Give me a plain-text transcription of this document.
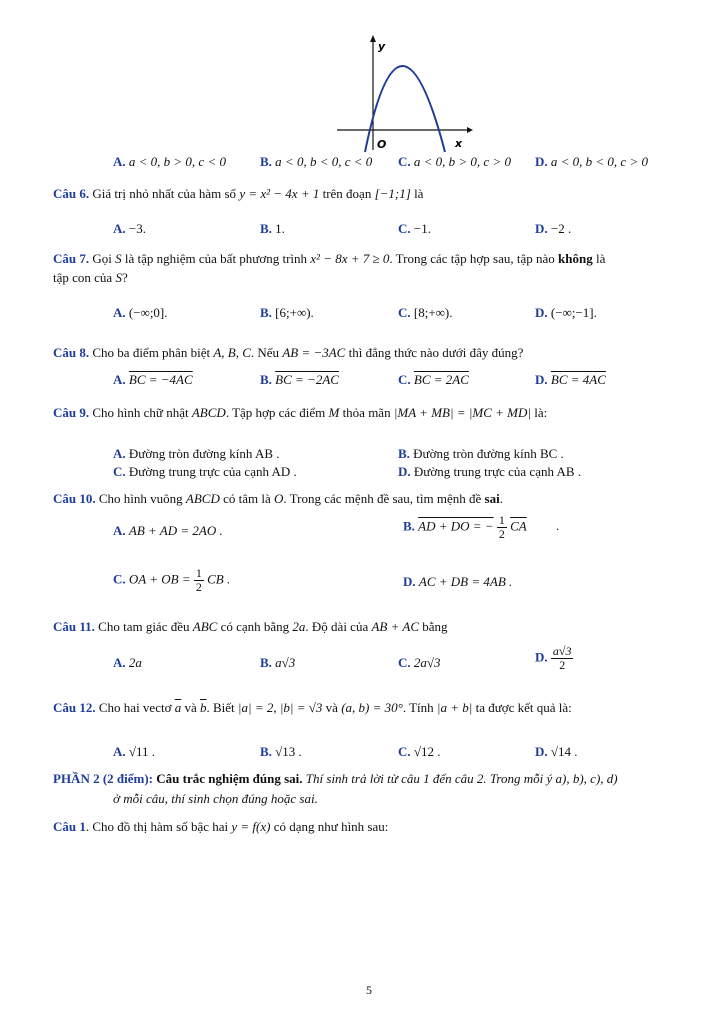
y
x
O
A. a < 0, b > 0, c < 0	B. a < 0, b < 0, c < 0 C. a < 0, b > 0, c > 0 D. a < 0, b < 0, c > 0
Câu 6. Giá trị nhỏ nhất của hàm số y = x² − 4x + 1 trên đoạn [−1;1] là
A. −3.	B. 1.	C. −1.	D. −2 .
Câu 7. Gọi S là tập nghiệm của bất phương trình x² − 8x + 7 ≥ 0. Trong các tập hợp sau, tập nào không là
tập con của S?
A. (−∞;0].	B. [6;+∞).	C. [8;+∞).	D. (−∞;−1].
Câu 8. Cho ba điểm phân biệt A, B, C. Nếu AB = −3AC thì đẳng thức nào dưới đây đúng?
A. BC = −4AC	B. BC = −2AC	C. BC = 2AC	D. BC = 4AC
Câu 9. Cho hình chữ nhật ABCD. Tập hợp các điểm M thỏa mãn |MA + MB| = |MC + MD| là:
A. Đường tròn đường kính AB .	B. Đường tròn đường kính BC .
C. Đường trung trực của cạnh AD .	D. Đường trung trực của cạnh AB .
Câu 10. Cho hình vuông ABCD có tâm là O. Trong các mệnh đề sau, tìm mệnh đề sai.
A. AB + AD = 2AO .	B. AD + DO = − $\frac{1}{2} \overline{CA}$ .
C. OA + OB = $\frac{1}{2}$ CB .	D. AC + DB = 4AB .
Câu 11. Cho tam giác đều ABC có cạnh bằng 2a. Độ dài của AB + AC bằng
A. 2a	B. a√3	C. 2a√3	D. $\frac{a√3}{2}$
Câu 12. Cho hai vectơ $\overline{a}$ và $\overline{b}$. Biết |a| = 2, |b| = √3 và (a, b) = 30°. Tính |a + b| ta được kết quả là:
A. √11 .	B. √13 .	C. √12 .	D. √14 .
PHẦN 2 (2 điểm): Câu trắc nghiệm đúng sai. Thí sinh trả lời từ câu 1 đến câu 2. Trong mỗi ý a), b), c), d)
ở mỗi câu, thí sinh chọn đúng hoặc sai.
Câu 1. Cho đồ thị hàm số bậc hai y = f(x) có dạng như hình sau:
5
